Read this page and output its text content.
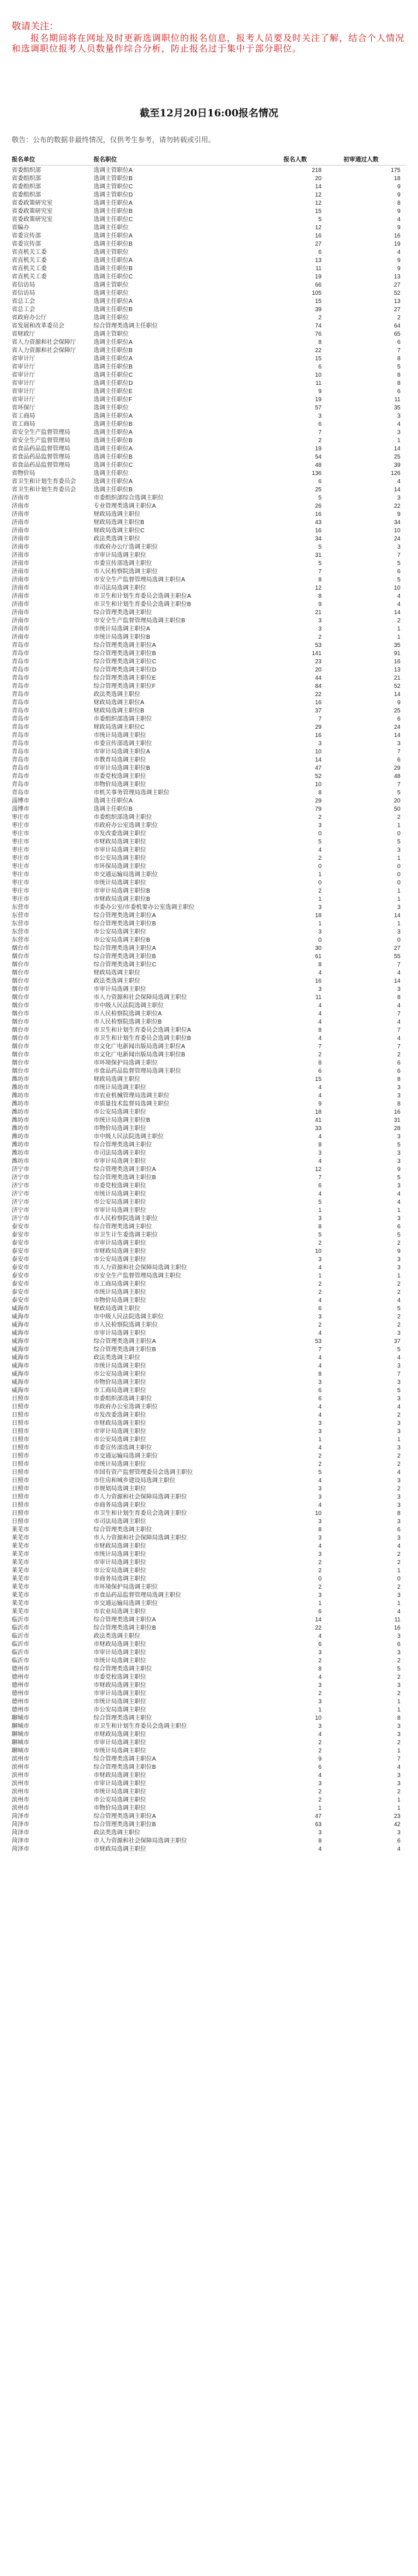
敬请关注：
报名期间将在网址及时更新选调职位的报名信息，报考人员要及时关注了解，结合个人情况和选调职位报考人员数量作综合分析，防止报名过于集中于部分职位。
截至12月20日16:00报名情况
敬告：公布的数据非最终情况，仅供考生参考，请勿转载或引用。
报名单位	报名职位	报名人数	初审通过人数
省委组织部	选调主管职位A	218	175
省委组织部	选调主管职位B	20	18
省委组织部	选调主管职位C	14	9
省委组织部	选调主管职位D	12	9
省委政策研究室	选调主任职位A	12	8
省委政策研究室	选调主任职位B	15	9
省委政策研究室	选调主任职位C	5	4
省编办	选调主任职位	12	9
省委宣传部	选调主任职位A	16	16
省委宣传部	选调主任职位B	27	19
省直机关工委	选调主管职位	6	4
省直机关工委	选调主任职位A	13	9
省直机关工委	选调主任职位B	11	9
省直机关工委	选调主任职位C	19	13
省信访局	选调主管职位	66	27
省信访局	选调主任职位	105	52
省总工会	选调主任职位A	15	13
省总工会	选调主任职位B	39	27
省政府办公厅	选调主任职位	2	2
省发展和改革委员会	综合管理类选调主任职位	74	64
省财政厅	选调主管职位	76	65
省人力资源和社会保障厅	选调主任职位A	8	6
省人力资源和社会保障厅	选调主任职位B	22	7
省审计厅	选调主任职位A	15	8
省审计厅	选调主任职位B	6	5
省审计厅	选调主任职位C	10	8
省审计厅	选调主任职位D	11	8
省审计厅	选调主任职位E	9	6
省审计厅	选调主任职位F	19	11
省环保厅	选调主任职位	57	35
省工商局	选调主任职位A	3	3
省工商局	选调主任职位B	6	4
省安全生产监督管理局	选调主任职位A	7	3
省安全生产监督管理局	选调主任职位B	2	1
省食品药品监督管理局	选调主任职位A	19	14
省食品药品监督管理局	选调主任职位B	54	25
省食品药品监督管理局	选调主任职位C	48	39
省物价局	选调主任职位	136	126
省卫生和计划生育委员会	选调主任职位A	6	4
省卫生和计划生育委员会	选调主任职位B	25	14
济南市	市委组织部综合选调主职位	5	3
济南市	专业管理类选调主职位A	26	22
济南市	财政局选调主职位	16	9
济南市	财政局选调主职位B	43	34
济南市	财政局选调主职位C	16	10
济南市	政法类选调主职位	34	24
济南市	市政府办公厅选调主职位	5	3
济南市	市审计局选调主职位	31	7
济南市	市委宣传部选调主职位	5	5
济南市	市人民检察院选调主职位	7	6
济南市	市安全生产监督管理局选调主职位A	8	5
济南市	市司法局选调主职位	12	10
济南市	市卫生和计划生育委员会选调主职位A	8	4
济南市	市卫生和计划生育委员会选调主职位B	9	4
济南市	综合管理类选调主职位	21	14
济南市	市安全生产监督管理局选调主职位B	3	2
济南市	市统计局选调主职位A	3	1
济南市	市统计局选调主职位B	2	1
青岛市	综合管理类选调主职位A	53	35
青岛市	综合管理类选调主职位B	141	91
青岛市	综合管理类选调主职位C	23	16
青岛市	综合管理类选调主职位D	20	13
青岛市	综合管理类选调主职位E	44	21
青岛市	综合管理类选调主职位F	84	52
青岛市	政法类选调主职位	22	14
青岛市	财政局选调主职位A	16	9
青岛市	财政局选调主职位B	37	25
青岛市	市委组织部选调主职位	7	6
青岛市	财政局选调主职位C	29	24
青岛市	市统计局选调主职位	16	14
青岛市	市委宣传部选调主职位	3	3
青岛市	市审计局选调主职位A	10	7
青岛市	市教育局选调主职位	14	6
青岛市	市审计局选调主职位B	47	29
青岛市	市委党校选调主职位	52	48
青岛市	市物价局选调主职位	10	7
青岛市	市机关事务管理局选调主职位	8	5
淄博市	选调主任职位A	29	20
淄博市	选调主任职位B	79	50
枣庄市	市委组织部选调主职位	2	2
枣庄市	市政府办公室选调主职位	3	1
枣庄市	市发改委选调主职位	0	0
枣庄市	市财政局选调主职位	5	5
枣庄市	市审计局选调主职位	4	3
枣庄市	市公安局选调主职位	2	1
枣庄市	市环保局选调主职位	0	0
枣庄市	市交通运输局选调主职位	1	0
枣庄市	市统计局选调主职位	0	0
枣庄市	市审计局选调主职位B	2	1
枣庄市	市财政局选调主职位B	1	1
东营市	市委办公室/市委机要办公室选调主职位	3	3
东营市	综合管理类选调主职位A	18	14
东营市	综合管理类选调主职位B	1	1
东营市	市公安局选调主职位	3	3
东营市	市公安局选调主职位B	0	0
烟台市	综合管理类选调主职位A	30	27
烟台市	综合管理类选调主职位B	61	55
烟台市	综合管理类选调主职位C	8	7
烟台市	财政局选调主职位	4	4
烟台市	政法类选调主职位	16	14
烟台市	市审计局选调主职位	3	3
烟台市	市人力资源和社会保障局选调主职位	11	8
烟台市	市中级人民法院选调主职位	4	4
烟台市	市人民检察院选调主职位A	4	7
烟台市	市人民检察院选调主职位B	4	4
烟台市	市卫生和计划生育委员会选调主职位A	8	7
烟台市	市卫生和计划生育委员会选调主职位B	4	4
烟台市	市文化广电新闻出版局选调主职位A	7	7
烟台市	市文化广电新闻出版局选调主职位B	2	2
烟台市	市环境保护局选调主职位	8	6
烟台市	市食品药品监督管理局选调主职位	6	6
潍坊市	财政局选调主职位	15	8
潍坊市	市统计局选调主职位	4	3
潍坊市	市农业机械管理局选调主职位	4	3
潍坊市	市质量技术监督局选调主职位	9	8
潍坊市	市公安局选调主职位	18	16
潍坊市	市统计局选调主职位B	41	31
潍坊市	市物价局选调主职位	33	28
潍坊市	市中级人民法院选调主职位	4	3
潍坊市	综合管理类选调主职位	8	5
潍坊市	市司法局选调主职位	3	3
潍坊市	市审计局选调主职位	4	3
济宁市	综合管理类选调主职位A	12	9
济宁市	综合管理类选调主职位B	7	5
济宁市	市委党校选调主职位	6	3
济宁市	市统计局选调主职位	4	4
济宁市	市公安局选调主职位	5	4
济宁市	市审计局选调主职位	1	1
济宁市	市人民检察院选调主职位	3	3
泰安市	综合管理类选调主职位	8	6
泰安市	市卫生计生委选调主职位	5	5
泰安市	市审计局选调主职位	2	2
泰安市	市财政局选调主职位	10	9
泰安市	市公安局选调主职位	3	3
泰安市	市人力资源和社会保障局选调主职位	4	3
泰安市	市安全生产监督管理局选调主职位	1	1
泰安市	市工商局选调主职位	2	2
泰安市	市统计局选调主职位	2	2
泰安市	市物价局选调主职位	4	4
威海市	财政局选调主职位	6	5
威海市	市中级人民法院选调主职位	3	2
威海市	市人民检察院选调主职位	2	2
威海市	市审计局选调主职位	4	3
威海市	综合管理类选调主职位A	53	37
威海市	综合管理类选调主职位B	7	5
威海市	政法类选调主职位	4	4
威海市	市统计局选调主职位	4	3
威海市	市公安局选调主职位	8	7
威海市	市物价局选调主职位	3	3
威海市	市工商局选调主职位	6	5
日照市	市委组织部选调主职位	6	3
日照市	市政府办公室选调主职位	4	4
日照市	市发改委选调主职位	4	2
日照市	市财政局选调主职位	3	3
日照市	市审计局选调主职位	3	3
日照市	市公安局选调主职位	1	1
日照市	市委宣传部选调主职位	4	3
日照市	市交通运输局选调主职位	2	2
日照市	市统计局选调主职位	2	2
日照市	市国有资产监督管理委员会选调主职位	5	4
日照市	市住房和城乡建设局选调主职位	4	3
日照市	市规划局选调主职位	3	2
日照市	市人力资源和社会保障局选调主职位	3	3
日照市	市商务局选调主职位	4	3
日照市	市卫生和计划生育委员会选调主职位	10	8
日照市	市司法局选调主职位	3	3
莱芜市	综合管理类选调主职位	8	6
莱芜市	市人力资源和社会保障局选调主职位	3	3
莱芜市	市财政局选调主职位	4	4
莱芜市	市统计局选调主职位	3	2
莱芜市	市审计局选调主职位	2	2
莱芜市	市公安局选调主职位	2	1
莱芜市	市商务局选调主职位	0	0
莱芜市	市环境保护局选调主职位	2	2
莱芜市	市食品药品监督管理局选调主职位	3	3
莱芜市	市交通运输局选调主职位	1	1
莱芜市	市农业局选调主职位	6	4
临沂市	综合管理类选调主职位A	14	11
临沂市	综合管理类选调主职位B	22	16
临沂市	政法类选调主职位	4	3
临沂市	市财政局选调主职位	6	6
临沂市	市审计局选调主职位	3	3
临沂市	市统计局选调主职位	2	2
德州市	综合管理类选调主职位	8	5
德州市	市委党校选调主职位	4	2
德州市	市财政局选调主职位	3	3
德州市	市审计局选调主职位	2	2
德州市	市统计局选调主职位	3	1
德州市	市公安局选调主职位	1	1
聊城市	综合管理类选调主职位	10	8
聊城市	市卫生和计划生育委员会选调主职位	3	3
聊城市	市财政局选调主职位	4	3
聊城市	市审计局选调主职位	2	2
聊城市	市统计局选调主职位	2	1
滨州市	综合管理类选调主职位A	9	7
滨州市	综合管理类选调主职位B	6	4
滨州市	市财政局选调主职位	4	3
滨州市	市审计局选调主职位	3	3
滨州市	市统计局选调主职位	2	2
滨州市	市公安局选调主职位	2	1
滨州市	市物价局选调主职位	1	1
菏泽市	综合管理类选调主职位A	47	23
菏泽市	综合管理类选调主职位B	63	42
菏泽市	政法类选调主职位	3	3
菏泽市	市人力资源和社会保障局选调主职位	8	6
菏泽市	市财政局选调主职位	4	4
